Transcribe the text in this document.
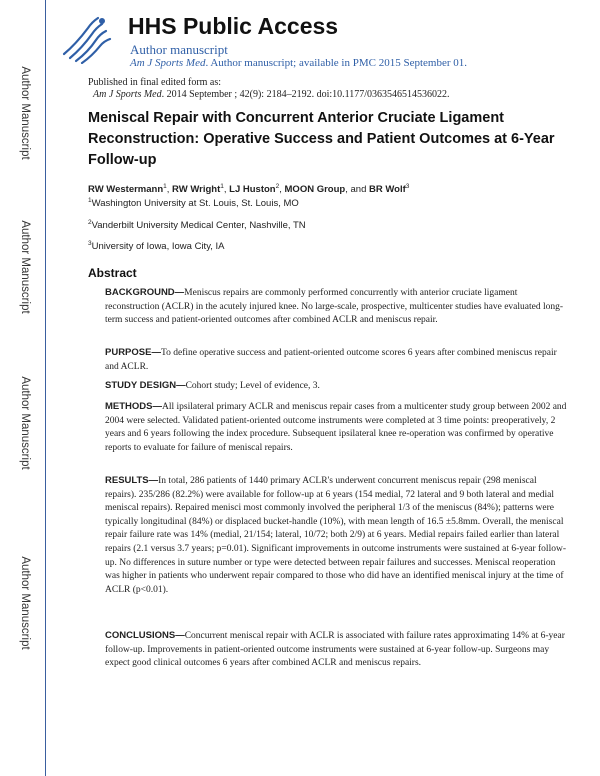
Author Manuscript
Author Manuscript
Author Manuscript
Author Manuscript
HHS Public Access
Author manuscript
Am J Sports Med. Author manuscript; available in PMC 2015 September 01.
Published in final edited form as:
Am J Sports Med. 2014 September ; 42(9): 2184–2192. doi:10.1177/0363546514536022.
Meniscal Repair with Concurrent Anterior Cruciate Ligament Reconstruction: Operative Success and Patient Outcomes at 6-Year Follow-up
RW Westermann$^1$, RW Wright$^1$, LJ Huston$^2$, MOON Group, and BR Wolf$^3$
$^1$Washington University at St. Louis, St. Louis, MO
$^2$Vanderbilt University Medical Center, Nashville, TN
$^3$University of Iowa, Iowa City, IA
Abstract
BACKGROUND—Meniscus repairs are commonly performed concurrently with anterior cruciate ligament reconstruction (ACLR) in the acutely injured knee. No large-scale, prospective, multicenter studies have evaluated long-term success and patient-oriented outcomes after combined ACLR and meniscus repair.
PURPOSE—To define operative success and patient-oriented outcome scores 6 years after combined meniscus repair and ACLR.
STUDY DESIGN—Cohort study; Level of evidence, 3.
METHODS—All ipsilateral primary ACLR and meniscus repair cases from a multicenter study group between 2002 and 2004 were selected. Validated patient-oriented outcome instruments were completed at 3 time points: preoperatively, 2 years and 6 years following the index procedure. Subsequent ipsilateral knee re-operation was confirmed by operative reports to evaluate for failure of meniscal repairs.
RESULTS—In total, 286 patients of 1440 primary ACLR's underwent concurrent meniscus repair (298 meniscal repairs). 235/286 (82.2%) were available for follow-up at 6 years (154 medial, 72 lateral and 9 both lateral and medial meniscal repairs). Repaired menisci most commonly involved the peripheral 1/3 of the meniscus (84%); patterns were typically longitudinal (84%) or displaced bucket-handle (10%), with mean length of 16.5 ±5.8mm. Overall, the meniscal repair failure rate was 14% (medial, 21/154; lateral, 10/72; both 2/9) at 6 years. Medial repairs failed earlier than lateral repairs (2.1 versus 3.7 years; p=0.01). Significant improvements in outcome instruments were sustained at 6-year follow-up. No differences in suture number or type were detected between repair failures and successes. Meniscal reoperation was higher in patients who underwent repair compared to those who did have an identified meniscal injury at the time of ACLR (p<0.01).
CONCLUSIONS—Concurrent meniscal repair with ACLR is associated with failure rates approximating 14% at 6-year follow-up. Improvements in patient-oriented outcome instruments were sustained at 6-year follow-up. Surgeons may expect good clinical outcomes 6 years after combined ACLR and meniscus repairs.
